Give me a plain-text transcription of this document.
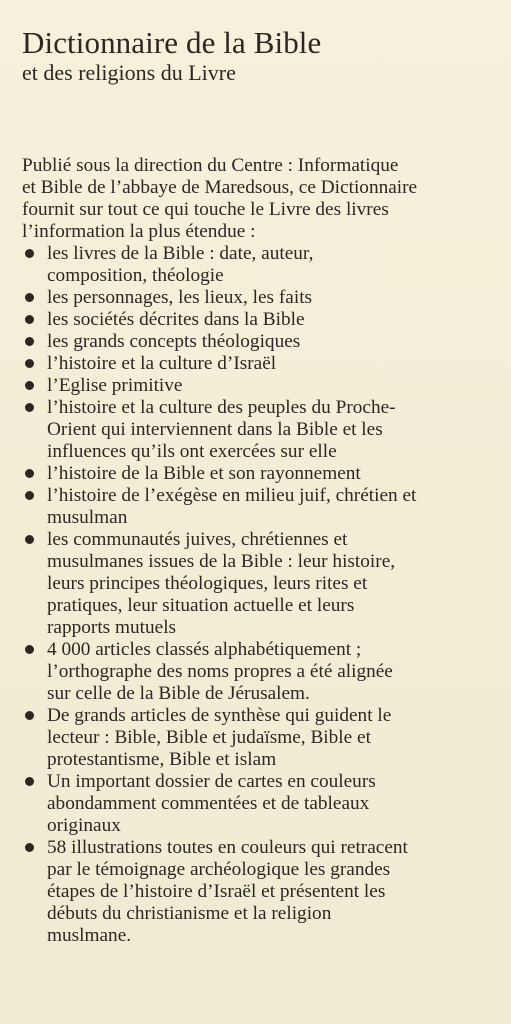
Dictionnaire de la Bible
et des religions du Livre

Publié sous la direction du Centre : Informatique
et Bible de l’abbaye de Maredsous, ce Dictionnaire
fournit sur tout ce qui touche le Livre des livres
l’information la plus étendue :

les livres de la Bible : date, auteur,
composition, théologie
les personnages, les lieux, les faits
les sociétés décrites dans la Bible
les grands concepts théologiques
l’histoire et la culture d’Israël
l’Eglise primitive
l’histoire et la culture des peuples du Proche-
Orient qui interviennent dans la Bible et les
influences qu’ils ont exercées sur elle
l’histoire de la Bible et son rayonnement
l’histoire de l’exégèse en milieu juif, chrétien et
musulman
les communautés juives, chrétiennes et
musulmanes issues de la Bible : leur histoire,
leurs principes théologiques, leurs rites et
pratiques, leur situation actuelle et leurs
rapports mutuels
4 000 articles classés alphabétiquement ;
l’orthographe des noms propres a été alignée
sur celle de la Bible de Jérusalem.
De grands articles de synthèse qui guident le
lecteur : Bible, Bible et judaïsme, Bible et
protestantisme, Bible et islam
Un important dossier de cartes en couleurs
abondamment commentées et de tableaux
originaux
58 illustrations toutes en couleurs qui retracent
par le témoignage archéologique les grandes
étapes de l’histoire d’Israël et présentent les
débuts du christianisme et la religion
muslmane.
